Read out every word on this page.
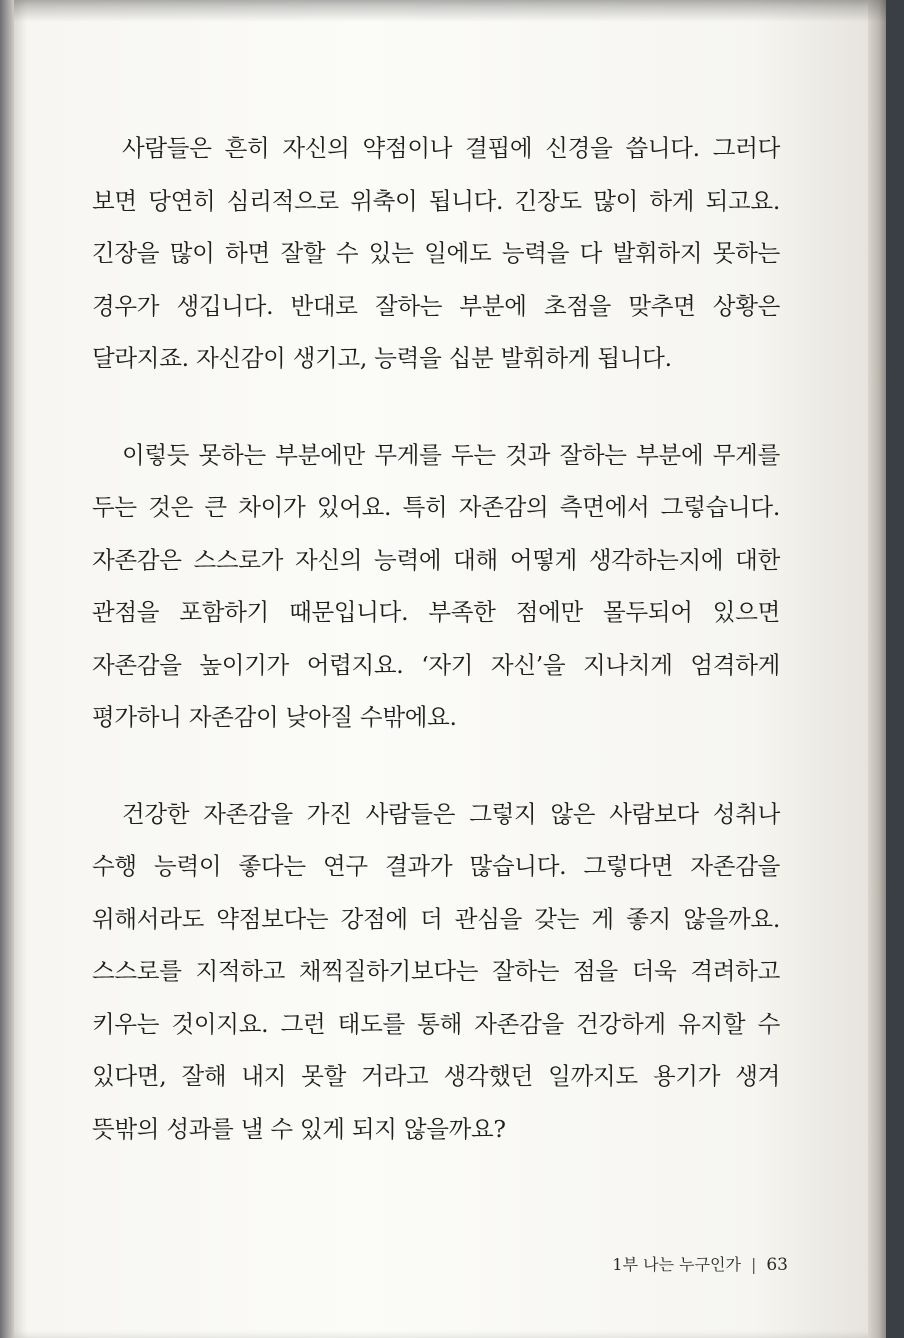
사람들은 흔히 자신의 약점이나 결핍에 신경을 씁니다. 그러다 보면 당연히 심리적으로 위축이 됩니다. 긴장도 많이 하게 되고요. 긴장을 많이 하면 잘할 수 있는 일에도 능력을 다 발휘하지 못하는 경우가 생깁니다. 반대로 잘하는 부분에 초점을 맞추면 상황은 달라지죠. 자신감이 생기고, 능력을 십분 발휘하게 됩니다.

이렇듯 못하는 부분에만 무게를 두는 것과 잘하는 부분에 무게를 두는 것은 큰 차이가 있어요. 특히 자존감의 측면에서 그렇습니다. 자존감은 스스로가 자신의 능력에 대해 어떻게 생각하는지에 대한 관점을 포함하기 때문입니다. 부족한 점에만 몰두되어 있으면 자존감을 높이기가 어렵지요. ‘자기 자신’을 지나치게 엄격하게 평가하니 자존감이 낮아질 수밖에요.

건강한 자존감을 가진 사람들은 그렇지 않은 사람보다 성취나 수행 능력이 좋다는 연구 결과가 많습니다. 그렇다면 자존감을 위해서라도 약점보다는 강점에 더 관심을 갖는 게 좋지 않을까요. 스스로를 지적하고 채찍질하기보다는 잘하는 점을 더욱 격려하고 키우는 것이지요. 그런 태도를 통해 자존감을 건강하게 유지할 수 있다면, 잘해 내지 못할 거라고 생각했던 일까지도 용기가 생겨 뜻밖의 성과를 낼 수 있게 되지 않을까요?

1부 나는 누구인가 | 63
